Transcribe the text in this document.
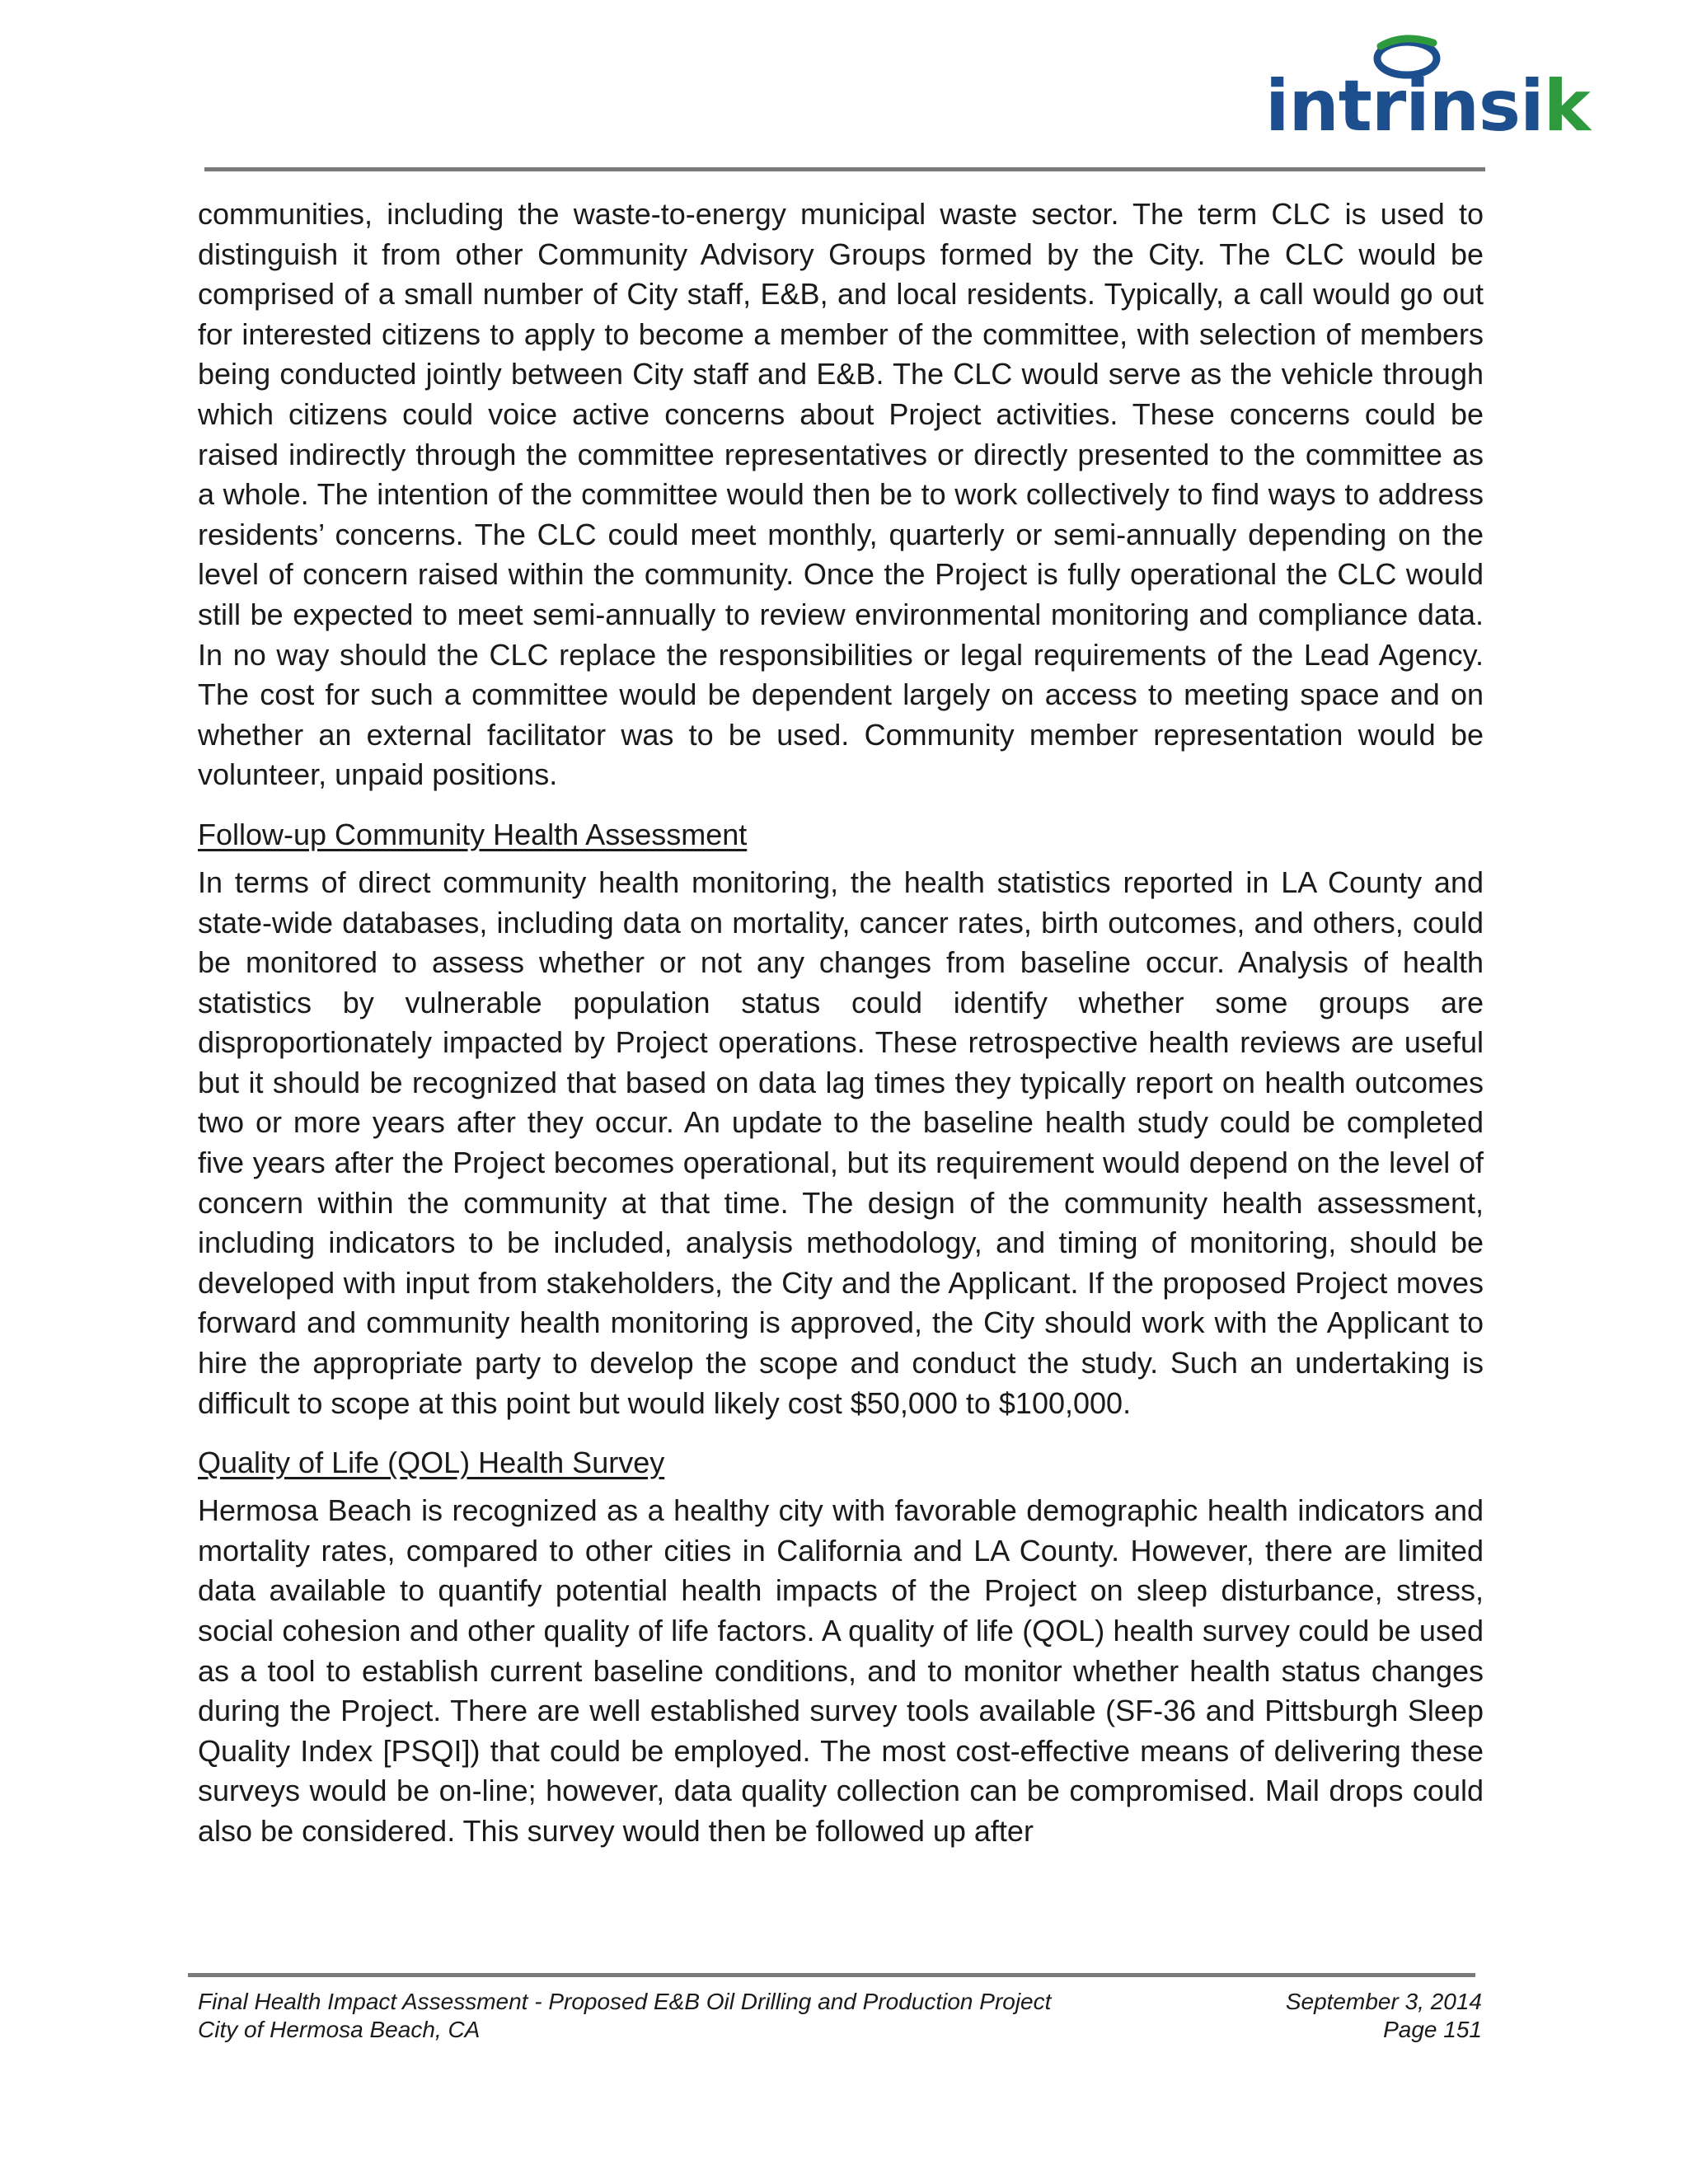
intrinsik

communities, including the waste-to-energy municipal waste sector. The term CLC is used to distinguish it from other Community Advisory Groups formed by the City. The CLC would be comprised of a small number of City staff, E&B, and local residents. Typically, a call would go out for interested citizens to apply to become a member of the committee, with selection of members being conducted jointly between City staff and E&B. The CLC would serve as the vehicle through which citizens could voice active concerns about Project activities. These concerns could be raised indirectly through the committee representatives or directly presented to the committee as a whole. The intention of the committee would then be to work collectively to find ways to address residents’ concerns. The CLC could meet monthly, quarterly or semi-annually depending on the level of concern raised within the community. Once the Project is fully operational the CLC would still be expected to meet semi-annually to review environmental monitoring and compliance data. In no way should the CLC replace the responsibilities or legal requirements of the Lead Agency. The cost for such a committee would be dependent largely on access to meeting space and on whether an external facilitator was to be used. Community member representation would be volunteer, unpaid positions.

Follow-up Community Health Assessment

In terms of direct community health monitoring, the health statistics reported in LA County and state-wide databases, including data on mortality, cancer rates, birth outcomes, and others, could be monitored to assess whether or not any changes from baseline occur. Analysis of health statistics by vulnerable population status could identify whether some groups are disproportionately impacted by Project operations. These retrospective health reviews are useful but it should be recognized that based on data lag times they typically report on health outcomes two or more years after they occur. An update to the baseline health study could be completed five years after the Project becomes operational, but its requirement would depend on the level of concern within the community at that time. The design of the community health assessment, including indicators to be included, analysis methodology, and timing of monitoring, should be developed with input from stakeholders, the City and the Applicant. If the proposed Project moves forward and community health monitoring is approved, the City should work with the Applicant to hire the appropriate party to develop the scope and conduct the study. Such an undertaking is difficult to scope at this point but would likely cost $50,000 to $100,000.

Quality of Life (QOL) Health Survey

Hermosa Beach is recognized as a healthy city with favorable demographic health indicators and mortality rates, compared to other cities in California and LA County. However, there are limited data available to quantify potential health impacts of the Project on sleep disturbance, stress, social cohesion and other quality of life factors. A quality of life (QOL) health survey could be used as a tool to establish current baseline conditions, and to monitor whether health status changes during the Project. There are well established survey tools available (SF-36 and Pittsburgh Sleep Quality Index [PSQI]) that could be employed. The most cost-effective means of delivering these surveys would be on-line; however, data quality collection can be compromised. Mail drops could also be considered. This survey would then be followed up after

Final Health Impact Assessment - Proposed E&B Oil Drilling and Production Project	September 3, 2014
City of Hermosa Beach, CA	Page 151
